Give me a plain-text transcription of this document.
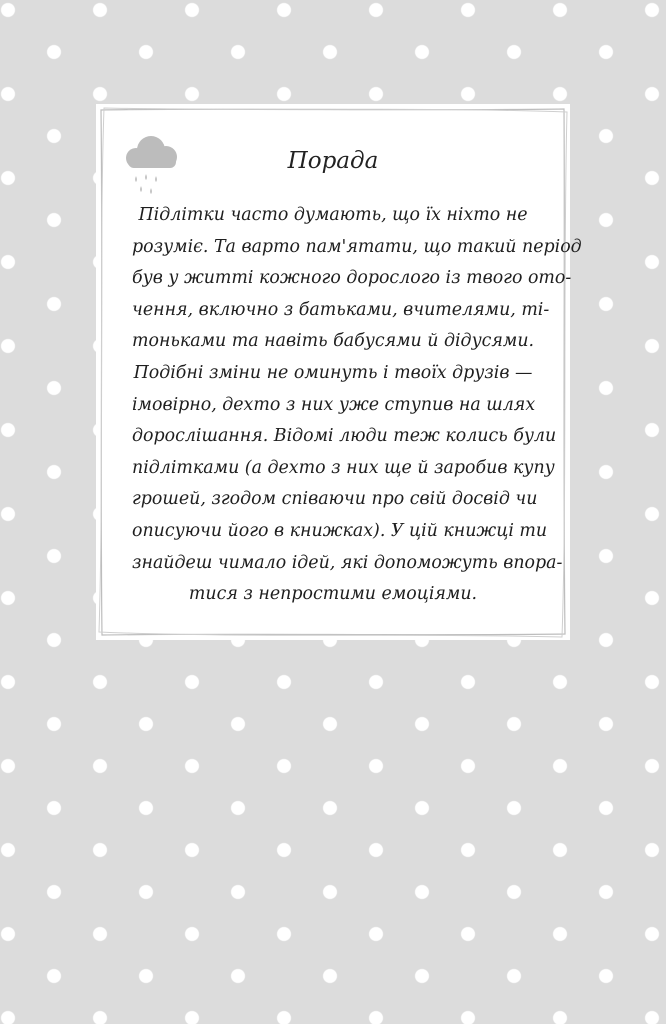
Порада
Підлітки часто думають, що їх ніхто не
розуміє. Та варто пам'ятати, що такий період
був у житті кожного дорослого із твого ото-
чення, включно з батьками, вчителями, ті-
тоньками та навіть бабусями й дідусями.
Подібні зміни не оминуть і твоїх друзів —
імовірно, дехто з них уже ступив на шлях
дорослішання. Відомі люди теж колись були
підлітками (а дехто з них ще й заробив купу
грошей, згодом співаючи про свій досвід чи
описуючи його в книжках). У цій книжці ти
знайдеш чимало ідей, які допоможуть впора-
тися з непростими емоціями.
